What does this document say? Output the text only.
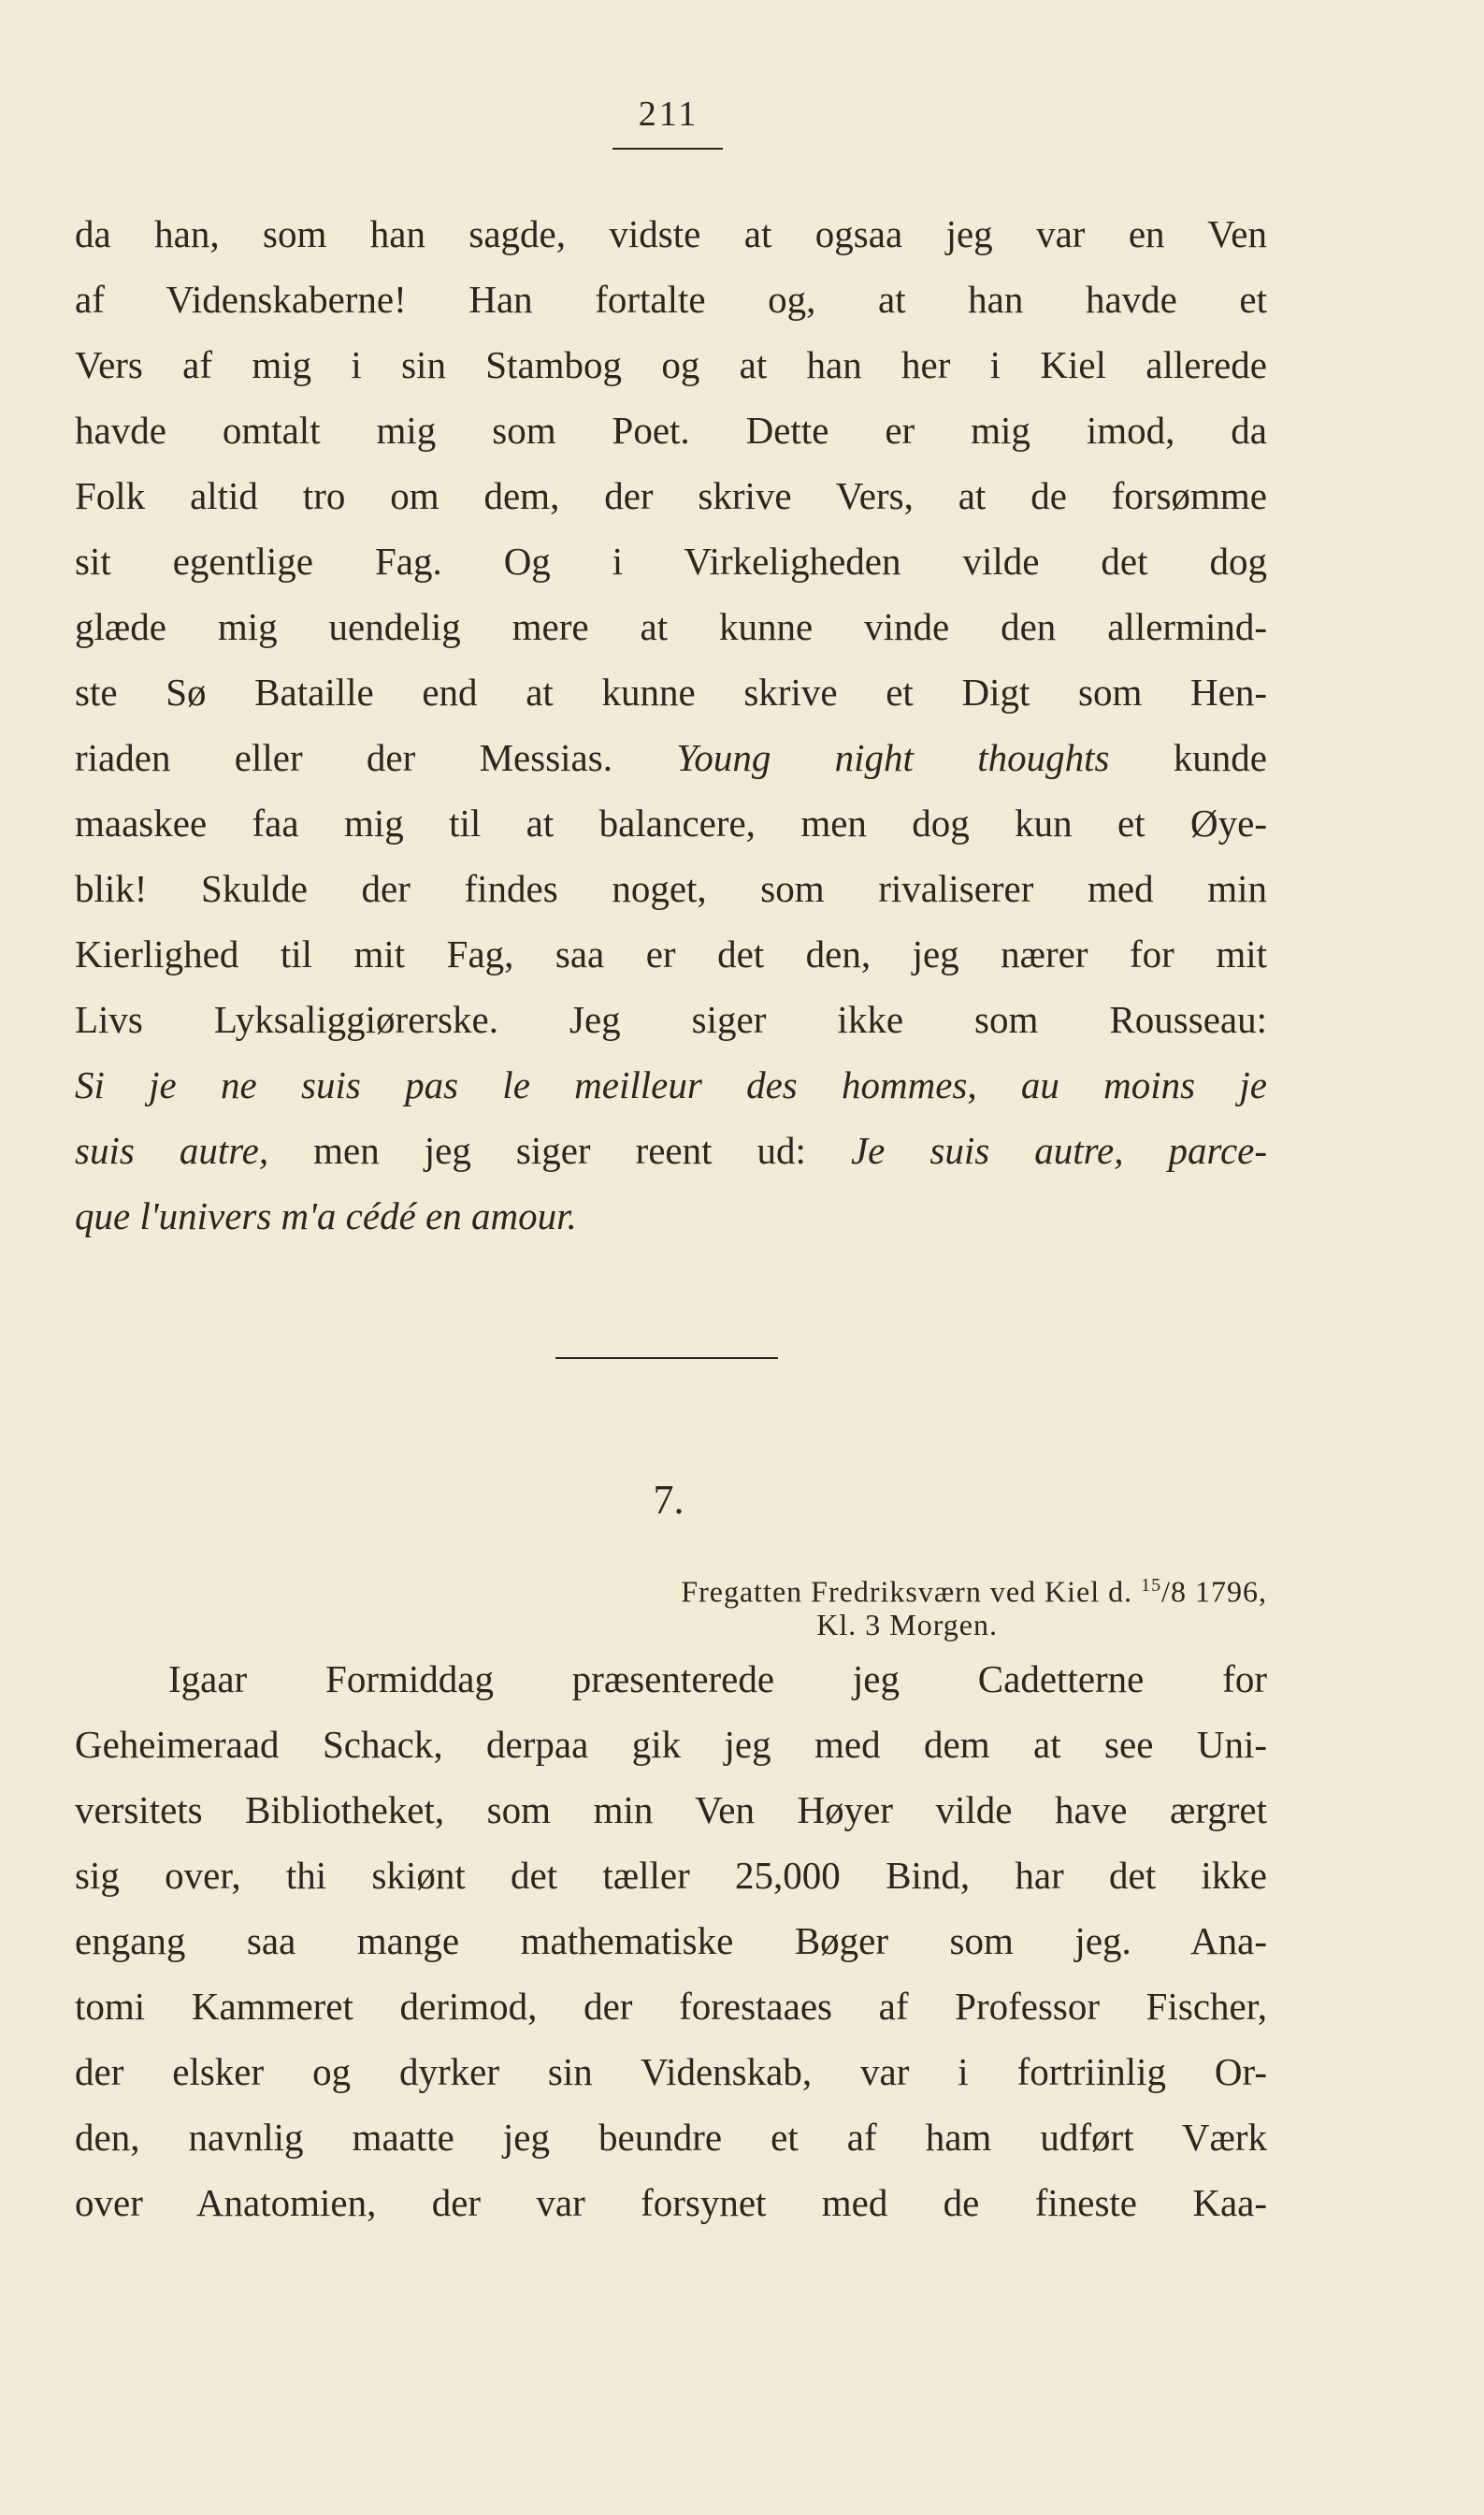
211
da han, som han sagde, vidste at ogsaa jeg var en Ven
af Videnskaberne! Han fortalte og, at han havde et
Vers af mig i sin Stambog og at han her i Kiel allerede
havde omtalt mig som Poet. Dette er mig imod, da
Folk altid tro om dem, der skrive Vers, at de forsømme
sit egentlige Fag. Og i Virkeligheden vilde det dog
glæde mig uendelig mere at kunne vinde den allermind-
ste Sø Bataille end at kunne skrive et Digt som Hen-
riaden eller der Messias. Young night thoughts kunde
maaskee faa mig til at balancere, men dog kun et Øye-
blik! Skulde der findes noget, som rivaliserer med min
Kierlighed til mit Fag, saa er det den, jeg nærer for mit
Livs Lyksaliggiørerske. Jeg siger ikke som Rousseau:
Si je ne suis pas le meilleur des hommes, au moins je
suis autre, men jeg siger reent ud: Je suis autre, parce-
que l'univers m'a cédé en amour.
7.
Fregatten Fredriksværn ved Kiel d. $^{15}$/8 1796,
Kl. 3 Morgen.
Igaar Formiddag præsenterede jeg Cadetterne for
Geheimeraad Schack, derpaa gik jeg med dem at see Uni-
versitets Bibliotheket, som min Ven Høyer vilde have ærgret
sig over, thi skiønt det tæller 25,000 Bind, har det ikke
engang saa mange mathematiske Bøger som jeg. Ana-
tomi Kammeret derimod, der forestaaes af Professor Fischer,
der elsker og dyrker sin Videnskab, var i fortriinlig Or-
den, navnlig maatte jeg beundre et af ham udført Værk
over Anatomien, der var forsynet med de fineste Kaa-
